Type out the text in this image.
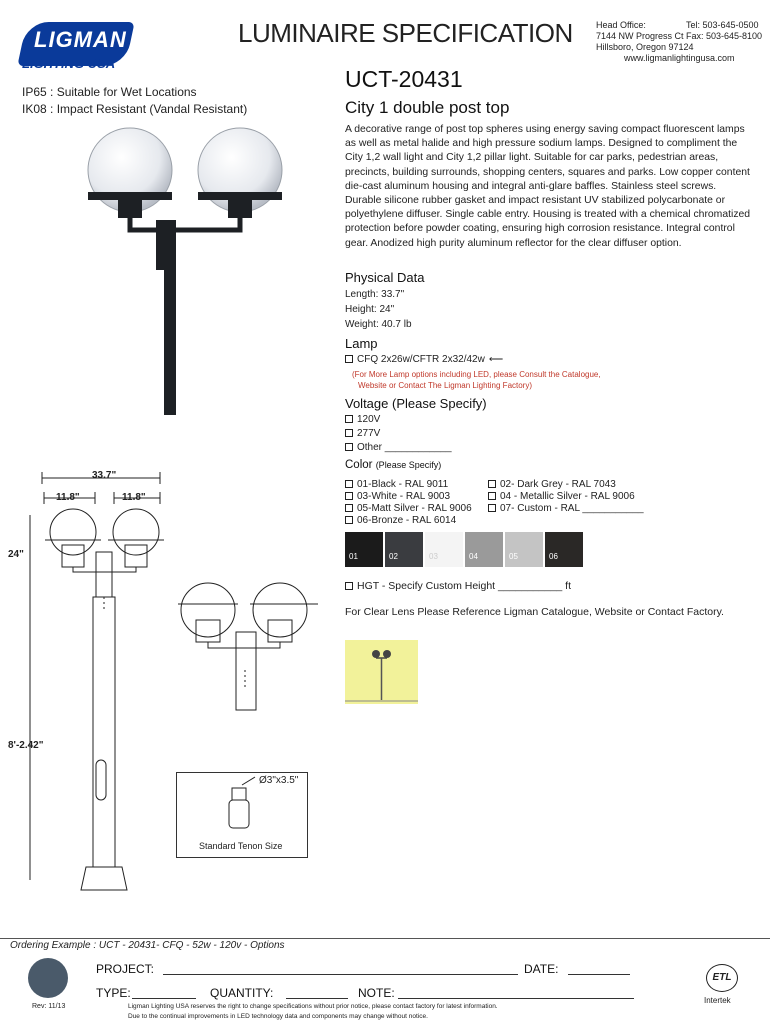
LIGMAN
LIGHTING USA
LUMINAIRE SPECIFICATION	Head Office:
7144 NW Progress Ct
Hillsboro, Oregon 97124
Tel: 503-645-0500
Fax: 503-645-8100
www.ligmanlightingusa.com
IP65 : Suitable for Wet Locations
IK08 : Impact Resistant (Vandal Resistant)
UCT-20431
City 1 double post top
A decorative range of post top spheres using energy saving compact fluorescent lamps as well as metal halide and high pressure sodium lamps. Designed to compliment the City 1,2 wall light and City 1,2 pillar light. Suitable for car parks, pedestrian areas, precincts, building surrounds, shopping centers, squares and parks. Low copper content die-cast aluminum housing and integral anti-glare baffles. Stainless steel screws. Durable silicone rubber gasket and impact resistant UV stabilized polycarbonate or polyethylene diffuser. Single cable entry. Housing is treated with a chemical chromatized protection before powder coating, ensuring high corrosion resistance. Integral control gear. Anodized high purity aluminum reflector for the clear diffuser option.
Physical Data
Length: 33.7"
Height: 24"
Weight: 40.7 lb
Lamp
CFQ 2x26w/CFTR 2x32/42w ⟵
(For More Lamp options including LED, please Consult the Catalogue,
Website or Contact The Ligman Lighting Factory)
Voltage (Please Specify)
120V
277V
Other ____________
Color (Please Specify)
01-Black - RAL 9011
03-White - RAL 9003
05-Matt Silver - RAL 9006
06-Bronze - RAL 6014
02- Dark Grey - RAL 7043
04 - Metallic Silver - RAL 9006
07- Custom - RAL ___________
01	02	03	04	05	06
HGT - Specify Custom Height ___________ ft
For Clear Lens Please Reference Ligman Catalogue, Website or Contact Factory.
33.7"
11.8"	11.8"
24"
8'-2.42"
Ø3"x3.5"
Standard Tenon Size
Ordering Example : UCT - 20431- CFQ - 52w - 120v - Options
Rev: 11/13
PROJECT:	DATE:
TYPE:	QUANTITY:	NOTE:
Ligman Lighting USA reserves the right to change specifications without prior notice, please contact factory for latest information.
Due to the continual improvements in LED technology data and components may change without notice.
ETL
Intertek
